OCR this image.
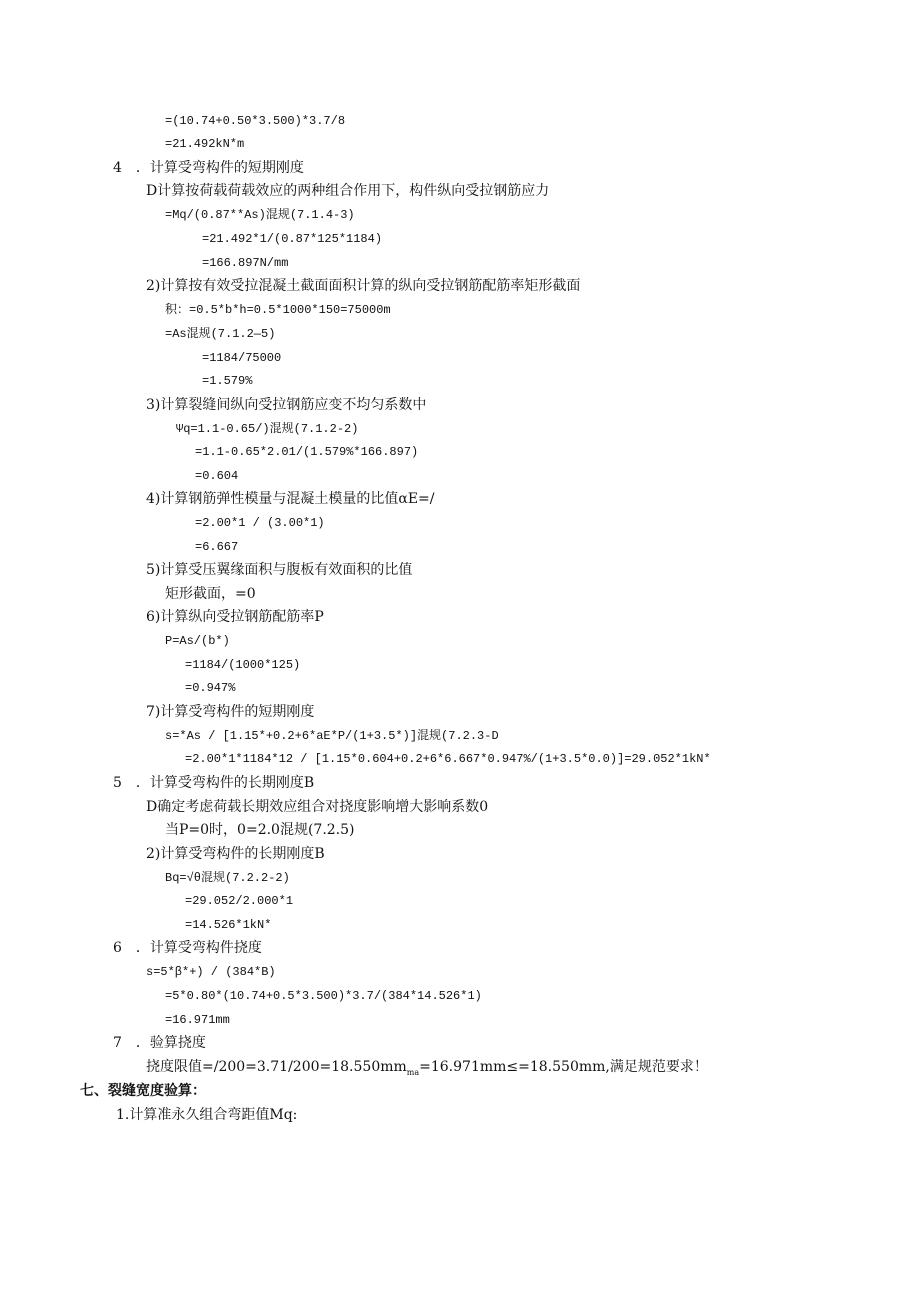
=(10.74+0.50*3.500)*3.7/8
=21.492kN*m
4　．计算受弯构件的短期刚度
D计算按荷载荷载效应的两种组合作用下，构件纵向受拉钢筋应力
=Mq/(0.87**As)混规(7.1.4-3)
=21.492*1/(0.87*125*1184)
=166.897N/mm
2)计算按有效受拉混凝土截面面积计算的纵向受拉钢筋配筋率矩形截面
积：=0.5*b*h=0.5*1000*150=75000m
=As混规(7.1.2—5)
=1184/75000
=1.579%
3)计算裂缝间纵向受拉钢筋应变不均匀系数中
Ψq=1.1-0.65/)混规(7.1.2-2)
=1.1-0.65*2.01/(1.579%*166.897)
=0.604
4)计算钢筋弹性模量与混凝土模量的比值αE=/
=2.00*1 / (3.00*1)
=6.667
5)计算受压翼缘面积与腹板有效面积的比值
矩形截面，=0
6)计算纵向受拉钢筋配筋率P
P=As/(b*)
=1184/(1000*125)
=0.947%
7)计算受弯构件的短期刚度
s=*As / [1.15*+0.2+6*aE*P/(1+3.5*)]混规(7.2.3-D
=2.00*1*1184*12 / [1.15*0.604+0.2+6*6.667*0.947%/(1+3.5*0.0)]=29.052*1kN*
5　．计算受弯构件的长期刚度B
D确定考虑荷载长期效应组合对挠度影响增大影响系数0
当P=0时，0=2.0混规(7.2.5)
2)计算受弯构件的长期刚度B
Bq=√θ混规(7.2.2-2)
=29.052/2.000*1
=14.526*1kN*
6　．计算受弯构件挠度
s=5*β*+) / (384*B)
=5*0.80*(10.74+0.5*3.500)*3.7/(384*14.526*1)
=16.971mm
7　．验算挠度
挠度限值$=/200=3.71/200=18.550mm_{ma}=16.971mm\le=18.550mm$,满足规范要求！
七、裂缝宽度验算：
1.计算准永久组合弯距值Mq:
